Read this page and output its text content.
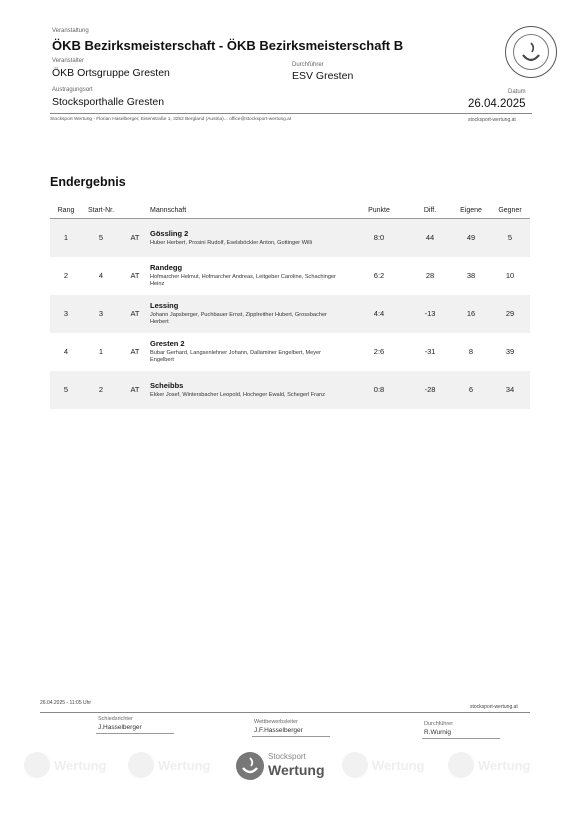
Veranstaltung
ÖKB Bezirksmeisterschaft - ÖKB Bezirksmeisterschaft B
Veranstalter
ÖKB Ortsgruppe Gresten
Durchführer
ESV Gresten
Austragungsort
Stocksporthalle Gresten
Datum
26.04.2025
Stocksport Wertung - Florian Haselberger, Eisenstraße 1, 3252 Bergland (Austria)... office@stocksport-wertung.at	stocksport-wertung.at
Endergebnis
Rang	Start-Nr.		Mannschaft	Punkte	Diff.	Eigene	Gegner
1	5	AT	Gössling 2
Huber Herbert, Prosini Rudolf, Eselsböckler Anton, Gottinger Willi	8:0	44	49	5
2	4	AT	Randegg
Hofmarcher Helmut, Hofmarcher Andreas, Leitgeber Caroline, Schachinger Heinz	6:2	28	38	10
3	3	AT	Lessing
Johann Japsberger, Puchbauer Ernst, Zipplreither Hubert, Grossbacher Herbert	4:4	-13	16	29
4	1	AT	Gresten 2
Bubar Gerhard, Langsenlehner Johann, Dallaminer Engelbert, Meyer Engelbert	2:6	-31	8	39
5	2	AT	Scheibbs
Ekker Josef, Wintersbacher Leopold, Hocheger Ewald, Schegerl Franz	0:8	-28	6	34
26.04.2025 - 11:05 Uhr
stocksport-wertung.at
Schiedsrichter
J.Hasselberger
Wettbewerbsleiter
J.F.Hasselberger
Durchführer
R.Wurnig
Wertung	Wertung	Wertung	Wertung
Stocksport
Wertung
